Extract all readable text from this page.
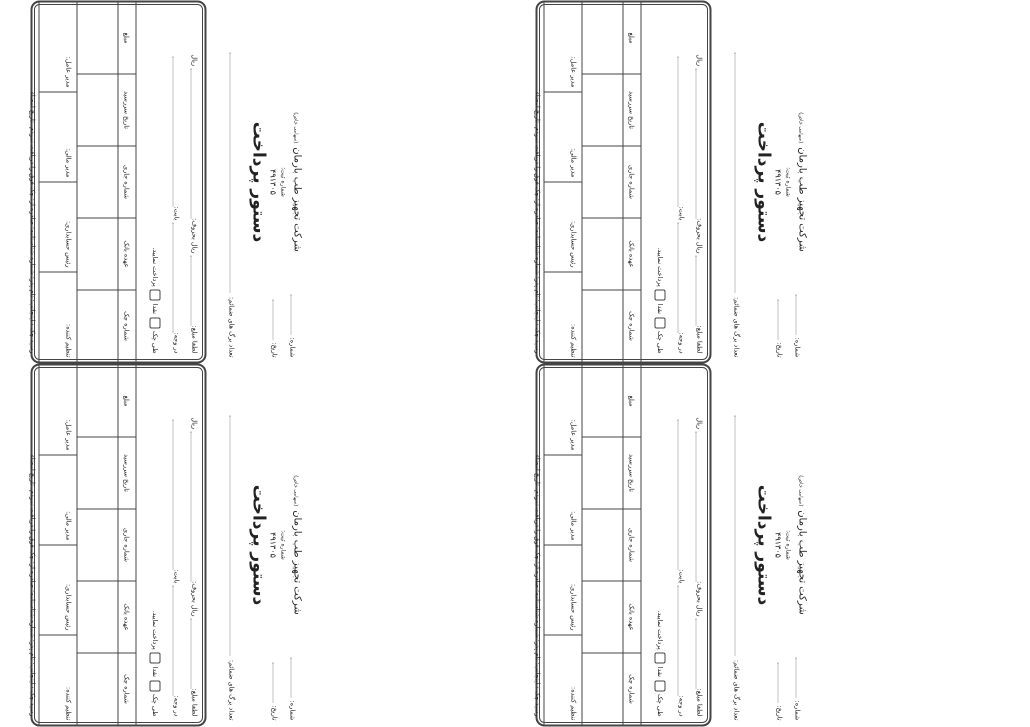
شماره:
تاریخ:
شرکت تجهیز طب بارمان(سهامی خاص)
شماره ثبت:
۴۹۱۳۰۵
دستور پرداخت
تعداد برگ های ضمائم:
لطفا مبلغ: ریال بحروف: ریال
در وجه: بابت:
طی چکنقداپرداخت نمایید.
شماره چک
عهده بانک
شماره جاری
تاریخ سررسید
مبلغ
تنظیم کننده:
رئیس حسابداری:
مدیر مالی:
مدیر عامل:
رسید چک · اینجانب: نام پدر: شماره شناسنامه: صادره از: چک فوق را دریافت نمودم. تاریخ امضاء
شماره:
تاریخ:
شرکت تجهیز طب بارمان(سهامی خاص)
شماره ثبت:
۴۹۱۳۰۵
دستور پرداخت
تعداد برگ های ضمائم:
لطفا مبلغ: ریال بحروف: ریال
در وجه: بابت:
طی چکنقداپرداخت نمایید.
شماره چک
عهده بانک
شماره جاری
تاریخ سررسید
مبلغ
تنظیم کننده:
رئیس حسابداری:
مدیر مالی:
مدیر عامل:
رسید چک · اینجانب: نام پدر: شماره شناسنامه: صادره از: چک فوق را دریافت نمودم. تاریخ امضاء
شماره:
تاریخ:
شرکت تجهیز طب بارمان(سهامی خاص)
شماره ثبت:
۴۹۱۳۰۵
دستور پرداخت
تعداد برگ های ضمائم:
لطفا مبلغ: ریال بحروف: ریال
در وجه: بابت:
طی چکنقداپرداخت نمایید.
شماره چک
عهده بانک
شماره جاری
تاریخ سررسید
مبلغ
تنظیم کننده:
رئیس حسابداری:
مدیر مالی:
مدیر عامل:
رسید چک · اینجانب: نام پدر: شماره شناسنامه: صادره از: چک فوق را دریافت نمودم. تاریخ امضاء
شماره:
تاریخ:
شرکت تجهیز طب بارمان(سهامی خاص)
شماره ثبت:
۴۹۱۳۰۵
دستور پرداخت
تعداد برگ های ضمائم:
لطفا مبلغ: ریال بحروف: ریال
در وجه: بابت:
طی چکنقداپرداخت نمایید.
شماره چک
عهده بانک
شماره جاری
تاریخ سررسید
مبلغ
تنظیم کننده:
رئیس حسابداری:
مدیر مالی:
مدیر عامل:
رسید چک · اینجانب: نام پدر: شماره شناسنامه: صادره از: چک فوق را دریافت نمودم. تاریخ امضاء
